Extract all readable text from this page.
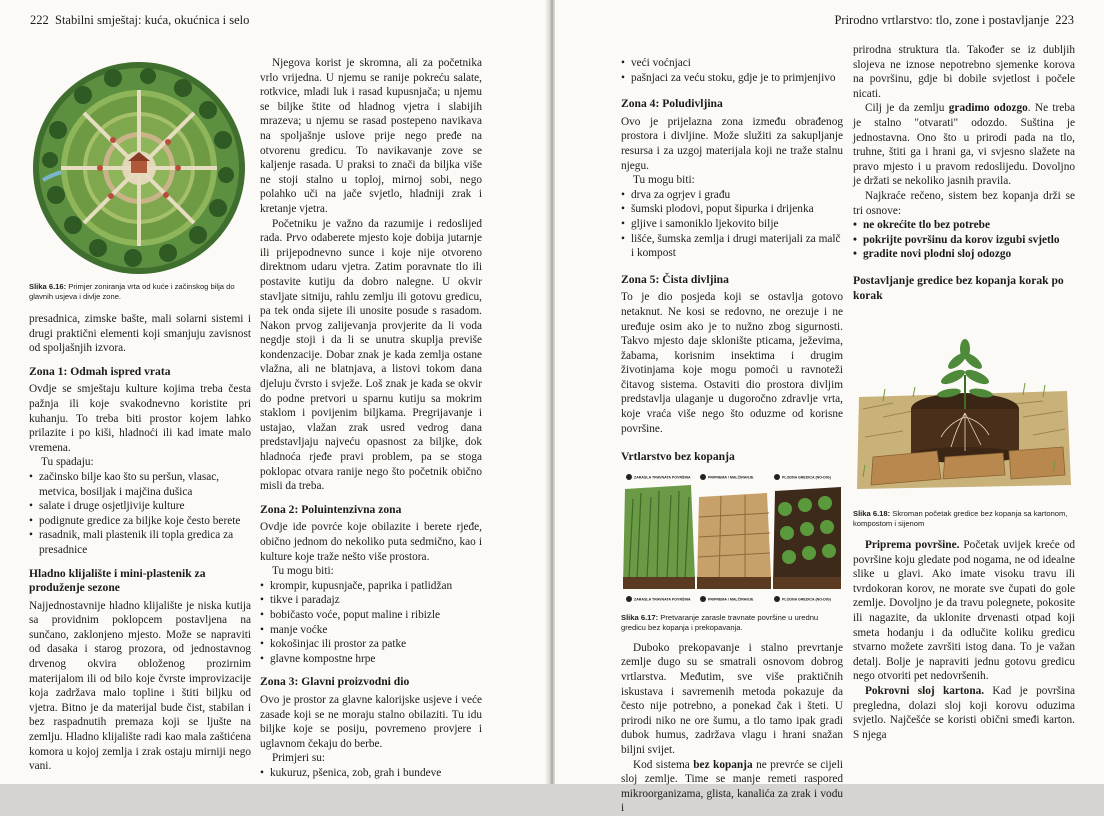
222 Stabilni smještaj: kuća, okućnica i selo

Slika 6.16: Primjer zoniranja vrta od kuće i začinskog bilja do glavnih usjeva i divlje zone.

presadnica, zimske bašte, mali solarni sistemi i drugi praktični elementi koji smanjuju zavisnost od spoljašnjih izvora.

Zona 1: Odmah ispred vrata

Ovdje se smještaju kulture kojima treba česta pažnja ili koje svakodnevno koristite pri kuhanju. To treba biti prostor kojem lahko prilazite i po kiši, hladnoći ili kad imate malo vremena.

Tu spadaju:

• začinsko bilje kao što su peršun, vlasac, metvica, bosiljak i majčina dušica
• salate i druge osjetljivije kulture
• podignute gredice za biljke koje često berete
• rasadnik, mali plastenik ili topla gredica za presadnice
Hladno klijalište i mini-plastenik za produženje sezone

Najjednostavnije hladno klijalište je niska kutija sa providnim poklopcem postavljena na sunčano, zaklonjeno mjesto. Može se napraviti od dasaka i starog prozora, od jednostavnog drvenog okvira obloženog prozirnim materijalom ili od bilo koje čvrste improvizacije koja zadržava malo topline i štiti biljku od vjetra. Bitno je da materijal bude čist, stabilan i bez raspadnutih premaza koji se ljušte na zemlju. Hladno klijalište radi kao mala zaštićena komora u kojoj zemlja i zrak ostaju mirniji nego vani.

Njegova korist je skromna, ali za početnika vrlo vrijedna. U njemu se ranije pokreću salate, rotkvice, mladi luk i rasad kupusnjača; u njemu se biljke štite od hladnog vjetra i slabijih mrazeva; u njemu se rasad postepeno navikava na spoljašnje uslove prije nego pređe na otvorenu gredicu. To navikavanje zove se kaljenje rasada. U praksi to znači da biljka više ne stoji stalno u toploj, mirnoj sobi, nego polahko uči na jače svjetlo, hladniji zrak i kretanje vjetra.

Početniku je važno da razumije i redoslijed rada. Prvo odaberete mjesto koje dobija jutarnje ili prijepodnevno sunce i koje nije otvoreno direktnom udaru vjetra. Zatim poravnate tlo ili postavite kutiju da dobro nalegne. U okvir stavljate sitniju, rahlu zemlju ili gotovu gredicu, pa tek onda sijete ili unosite posude s rasadom. Nakon prvog zalijevanja provjerite da li voda negdje stoji i da li se unutra skuplja previše kondenzacije. Dobar znak je kada zemlja ostane vlažna, ali ne blatnjava, a listovi tokom dana djeluju čvrsto i svježe. Loš znak je kada se okvir do podne pretvori u sparnu kutiju sa mokrim staklom i povijenim biljkama. Pregrijavanje i ustajao, vlažan zrak usred vedrog dana predstavljaju najveću opasnost za biljke, dok hladnoća rjeđe pravi problem, pa se stoga poklopac otvara ranije nego što početnik obično misli da treba.

Zona 2: Poluintenzivna zona

Ovdje ide povrće koje obilazite i berete rjeđe, obično jednom do nekoliko puta sedmično, kao i kulture koje traže nešto više prostora.

Tu mogu biti:

• krompir, kupusnjače, paprika i patlidžan
• tikve i paradajz
• bobičasto voće, poput maline i ribizle
• manje voćke
• kokošinjac ili prostor za patke
• glavne kompostne hrpe
Zona 3: Glavni proizvodni dio

Ovo je prostor za glavne kalorijske usjeve i veće zasade koji se ne moraju stalno obilaziti. Tu idu biljke koje se posiju, povremeno provjere i uglavnom čekaju do berbe.

Primjeri su:

• kukuruz, pšenica, zob, grah i bundeve
Prirodno vrtlarstvo: tlo, zone i postavljanje 223
• veći voćnjaci
• pašnjaci za veću stoku, gdje je to primjenjivo
Zona 4: Poludivljina

Ovo je prijelazna zona između obrađenog prostora i divljine. Može služiti za sakupljanje resursa i za uzgoj materijala koji ne traže stalnu njegu.

Tu mogu biti:

• drva za ogrjev i građu
• šumski plodovi, poput šipurka i drijenka
• gljive i samoniklo ljekovito bilje
• lišće, šumska zemlja i drugi materijali za malč i kompost
Zona 5: Čista divljina

To je dio posjeda koji se ostavlja gotovo netaknut. Ne kosi se redovno, ne orezuje i ne uređuje osim ako je to nužno zbog sigurnosti. Takvo mjesto daje sklonište pticama, ježevima, žabama, korisnim insektima i drugim životinjama koje mogu pomoći u ravnoteži čitavog sistema. Ostaviti dio prostora divljim predstavlja ulaganje u dugoročno zdravlje vrta, koje vraća više nego što oduzme od korisne površine.

Vrtlarstvo bez kopanja
ZARASLA TRAVNATA POVRŠINA	PRIPREMA / MALČIRANJE	PLODNA GREDICA (NO-DIG)
ZARASLA TRAVNATA POVRŠINA	PRIPREMA / MALČIRANJE	PLODNA GREDICA (NO-DIG)

Slika 6.17: Pretvaranje zarasle travnate površine u urednu gredicu bez kopanja i prekopavanja.

Duboko prekopavanje i stalno prevrtanje zemlje dugo su se smatrali osnovom dobrog vrtlarstva. Međutim, sve više praktičnih iskustava i savremenih metoda pokazuje da često nije potrebno, a ponekad čak i šteti. U prirodi niko ne ore šumu, a tlo tamo ipak gradi dubok humus, zadržava vlagu i hrani snažan biljni svijet.

Kod sistema bez kopanja ne prevrće se cijeli sloj zemlje. Time se manje remeti raspored mikroorganizama, glista, kanalića za zrak i vodu i

prirodna struktura tla. Također se iz dubljih slojeva ne iznose nepotrebno sjemenke korova na površinu, gdje bi dobile svjetlost i počele nicati.

Cilj je da zemlju gradimo odozgo. Ne treba je stalno "otvarati" odozdo. Suština je jednostavna. Ono što u prirodi pada na tlo, truhne, štiti ga i hrani ga, vi svjesno slažete na pravo mjesto i u pravom redoslijedu. Dovoljno je držati se nekoliko jasnih pravila.

Najkraće rečeno, sistem bez kopanja drži se tri osnove:

• ne okrećite tlo bez potrebe
• pokrijte površinu da korov izgubi svjetlo
• gradite novi plodni sloj odozgo
Postavljanje gredice bez kopanja korak po korak

Slika 6.18: Skroman početak gredice bez kopanja sa kartonom, kompostom i sijenom

Priprema površine. Početak uvijek kreće od površine koju gledate pod nogama, ne od idealne slike u glavi. Ako imate visoku travu ili tvrdokoran korov, ne morate sve čupati do gole zemlje. Dovoljno je da travu polegnete, pokosite ili nagazite, da uklonite drvenasti otpad koji smeta hodanju i da odlučite koliku gredicu stvarno možete završiti istog dana. To je važan detalj. Bolje je napraviti jednu gotovu gredicu nego otvoriti pet nedovršenih.

Pokrovni sloj kartona. Kad je površina pregledna, dolazi sloj koji korovu oduzima svjetlo. Najčešće se koristi obični smeđi karton. S njega
